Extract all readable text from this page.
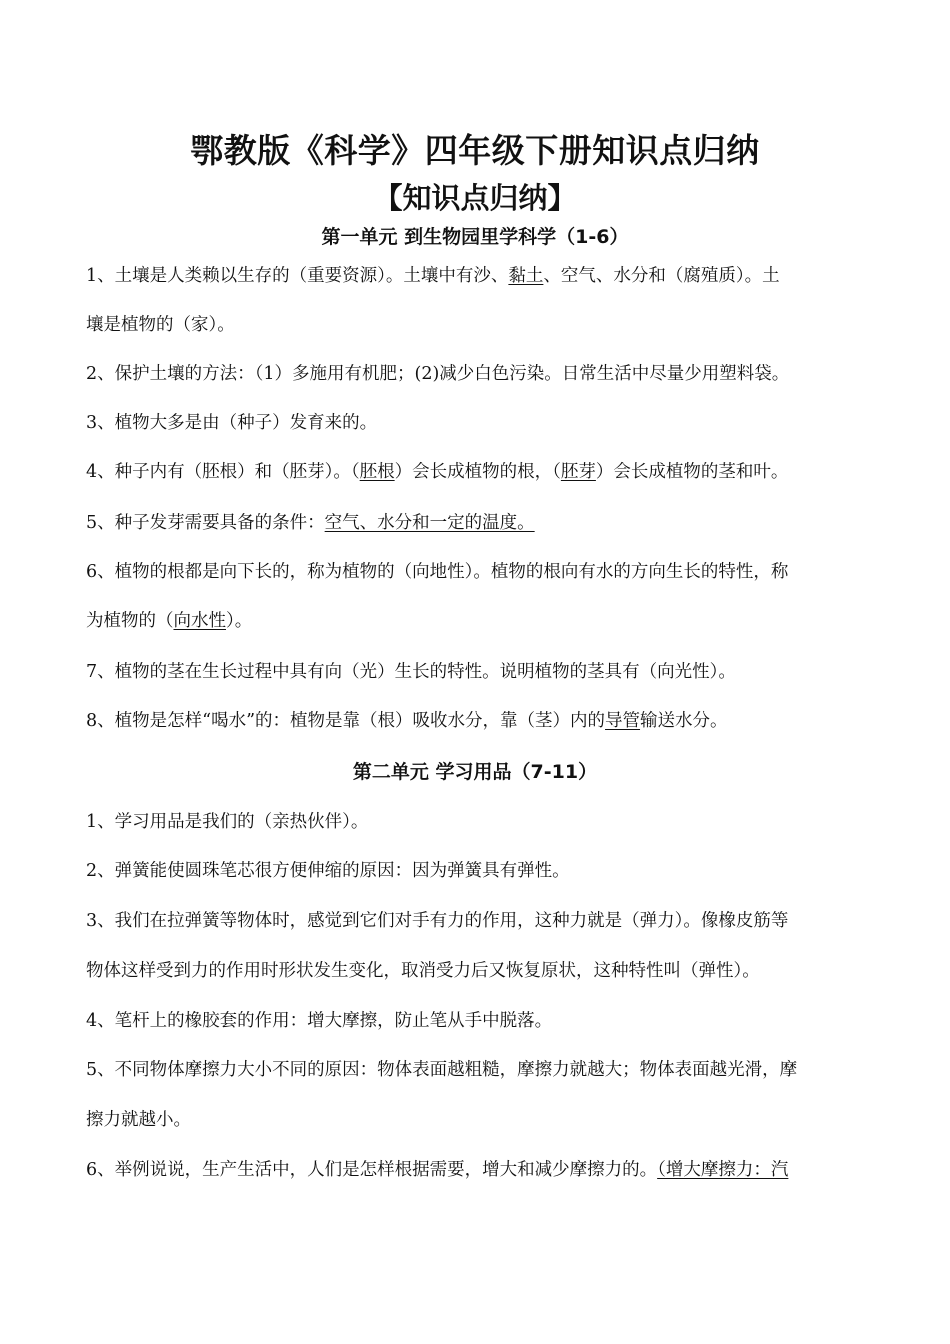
鄂教版《科学》四年级下册知识点归纳
【知识点归纳】
第一单元 到生物园里学科学（1-6）
1、土壤是人类赖以生存的（重要资源）。土壤中有沙、黏土、空气、水分和（腐殖质）。土
壤是植物的（家）。
2、保护土壤的方法：（1）多施用有机肥；(2)减少白色污染。日常生活中尽量少用塑料袋。
3、植物大多是由（种子）发育来的。
4、种子内有（胚根）和（胚芽）。（胚根）会长成植物的根，（胚芽）会长成植物的茎和叶。
5、种子发芽需要具备的条件：空气、水分和一定的温度。
6、植物的根都是向下长的，称为植物的（向地性）。植物的根向有水的方向生长的特性，称
为植物的（向水性）。
7、植物的茎在生长过程中具有向（光）生长的特性。说明植物的茎具有（向光性）。
8、植物是怎样“喝水”的：植物是靠（根）吸收水分，靠（茎）内的导管输送水分。
第二单元 学习用品（7-11）
1、学习用品是我们的（亲热伙伴）。
2、弹簧能使圆珠笔芯很方便伸缩的原因：因为弹簧具有弹性。
3、我们在拉弹簧等物体时，感觉到它们对手有力的作用，这种力就是（弹力）。像橡皮筋等
物体这样受到力的作用时形状发生变化，取消受力后又恢复原状，这种特性叫（弹性）。
4、笔杆上的橡胶套的作用：增大摩擦，防止笔从手中脱落。
5、不同物体摩擦力大小不同的原因：物体表面越粗糙，摩擦力就越大；物体表面越光滑，摩
擦力就越小。
6、举例说说，生产生活中，人们是怎样根据需要，增大和减少摩擦力的。（增大摩擦力：汽
